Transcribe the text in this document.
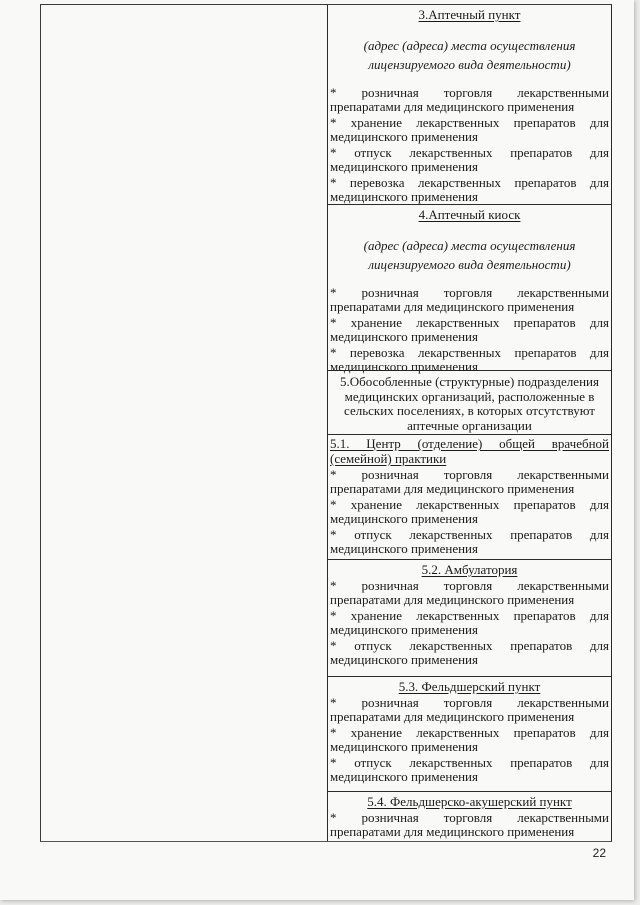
3.Аптечный пункт
(адрес (адреса) места осуществления
лицензируемого вида деятельности)
* розничная торговля лекарственными
препаратами для медицинского применения
* хранение лекарственных препаратов для
медицинского применения
* отпуск лекарственных препаратов для
медицинского применения
* перевозка лекарственных препаратов для
медицинского применения
4.Аптечный киоск
(адрес (адреса) места осуществления
лицензируемого вида деятельности)
* розничная торговля лекарственными
препаратами для медицинского применения
* хранение лекарственных препаратов для
медицинского применения
* перевозка лекарственных препаратов для
медицинского применения
5.Обособленные (структурные) подразделения
медицинских организаций, расположенные в
сельских поселениях, в которых отсутствуют
аптечные организации
5.1. Центр (отделение) общей врачебной
(семейной) практики
* розничная торговля лекарственными
препаратами для медицинского применения
* хранение лекарственных препаратов для
медицинского применения
* отпуск лекарственных препаратов для
медицинского применения
5.2. Амбулатория
* розничная торговля лекарственными
препаратами для медицинского применения
* хранение лекарственных препаратов для
медицинского применения
* отпуск лекарственных препаратов для
медицинского применения
5.3. Фельдшерский пункт
* розничная торговля лекарственными
препаратами для медицинского применения
* хранение лекарственных препаратов для
медицинского применения
* отпуск лекарственных препаратов для
медицинского применения
5.4. Фельдшерско-акушерский пункт
* розничная торговля лекарственными
препаратами для медицинского применения
22
